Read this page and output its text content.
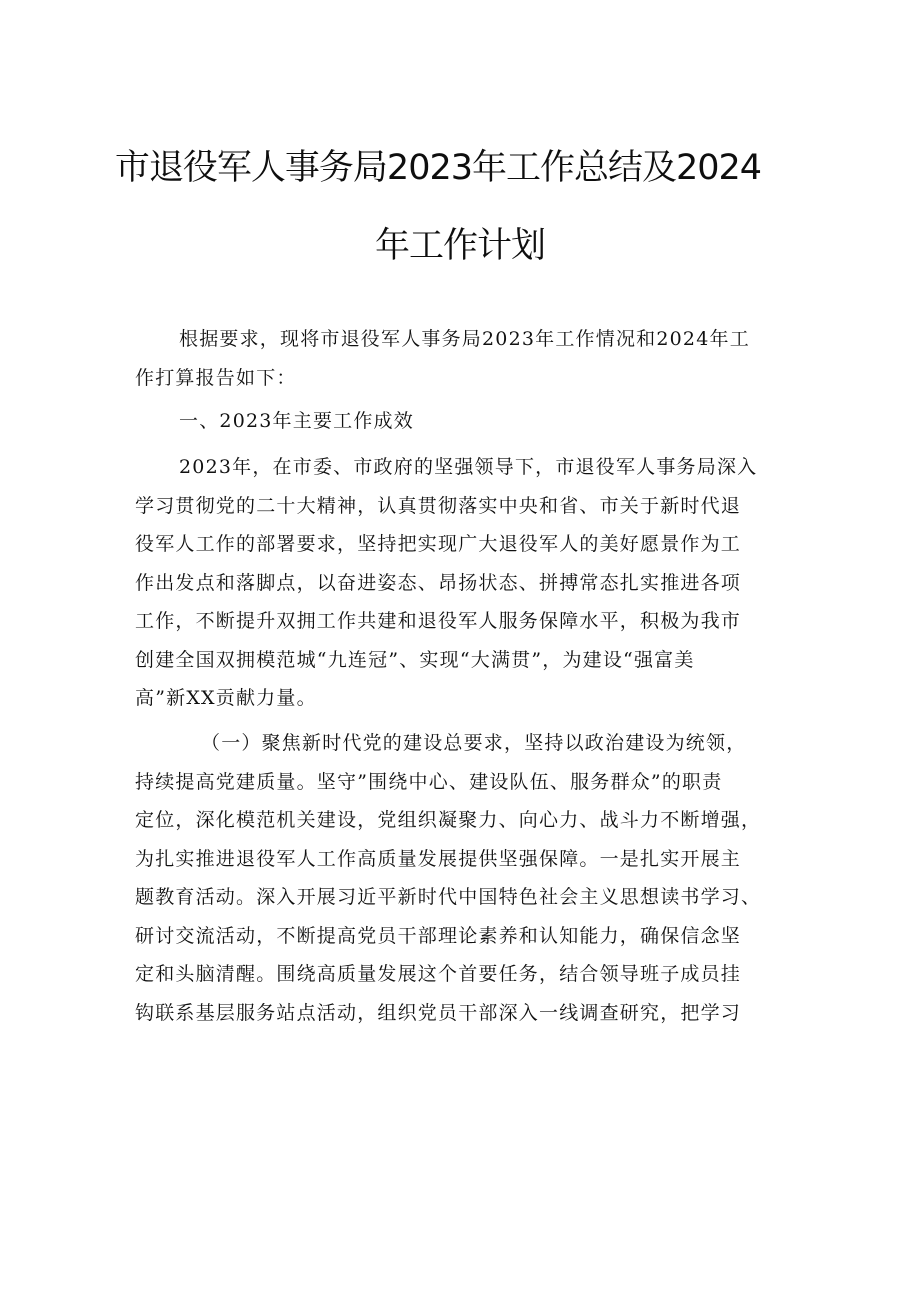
市退役军人事务局2023年工作总结及2024
年工作计划
根据要求，现将市退役军人事务局2023年工作情况和2024年工
作打算报告如下：
一、2023年主要工作成效
2023年，在市委、市政府的坚强领导下，市退役军人事务局深入
学习贯彻党的二十大精神，认真贯彻落实中央和省、市关于新时代退
役军人工作的部署要求，坚持把实现广大退役军人的美好愿景作为工
作出发点和落脚点，以奋进姿态、昂扬状态、拼搏常态扎实推进各项
工作，不断提升双拥工作共建和退役军人服务保障水平，积极为我市
创建全国双拥模范城“九连冠”、实现“大满贯”，为建设“强富美
高”新XX贡献力量。
（一）聚焦新时代党的建设总要求，坚持以政治建设为统领，
持续提高党建质量。坚守”围绕中心、建设队伍、服务群众”的职责
定位，深化模范机关建设，党组织凝聚力、向心力、战斗力不断增强，
为扎实推进退役军人工作高质量发展提供坚强保障。一是扎实开展主
题教育活动。深入开展习近平新时代中国特色社会主义思想读书学习、
研讨交流活动，不断提高党员干部理论素养和认知能力，确保信念坚
定和头脑清醒。围绕高质量发展这个首要任务，结合领导班子成员挂
钩联系基层服务站点活动，组织党员干部深入一线调查研究，把学习
